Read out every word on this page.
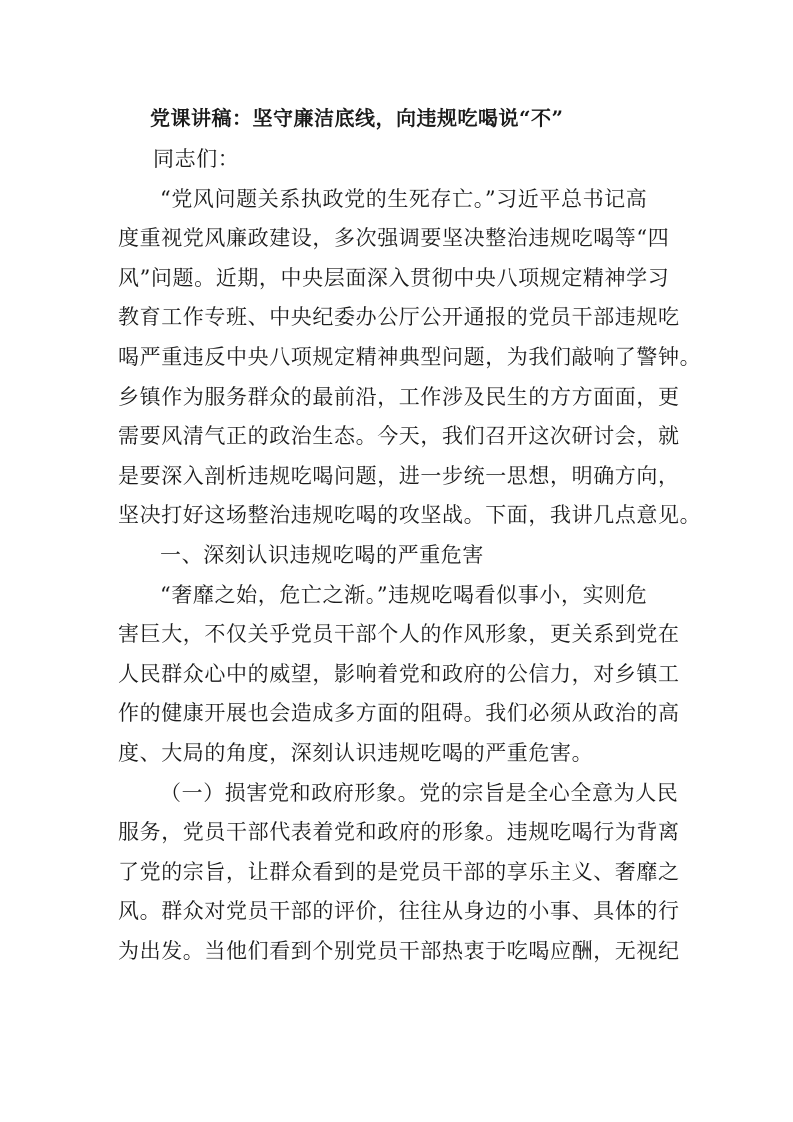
党课讲稿：坚守廉洁底线，向违规吃喝说“不”
同志们：
“党风问题关系执政党的生死存亡。”习近平总书记高
度重视党风廉政建设，多次强调要坚决整治违规吃喝等“四
风”问题。近期，中央层面深入贯彻中央八项规定精神学习
教育工作专班、中央纪委办公厅公开通报的党员干部违规吃
喝严重违反中央八项规定精神典型问题，为我们敲响了警钟。
乡镇作为服务群众的最前沿，工作涉及民生的方方面面，更
需要风清气正的政治生态。今天，我们召开这次研讨会，就
是要深入剖析违规吃喝问题，进一步统一思想，明确方向，
坚决打好这场整治违规吃喝的攻坚战。下面，我讲几点意见。
一、深刻认识违规吃喝的严重危害
“奢靡之始，危亡之渐。”违规吃喝看似事小，实则危
害巨大，不仅关乎党员干部个人的作风形象，更关系到党在
人民群众心中的威望，影响着党和政府的公信力，对乡镇工
作的健康开展也会造成多方面的阻碍。我们必须从政治的高
度、大局的角度，深刻认识违规吃喝的严重危害。
（一）损害党和政府形象。党的宗旨是全心全意为人民
服务，党员干部代表着党和政府的形象。违规吃喝行为背离
了党的宗旨，让群众看到的是党员干部的享乐主义、奢靡之
风。群众对党员干部的评价，往往从身边的小事、具体的行
为出发。当他们看到个别党员干部热衷于吃喝应酬，无视纪
